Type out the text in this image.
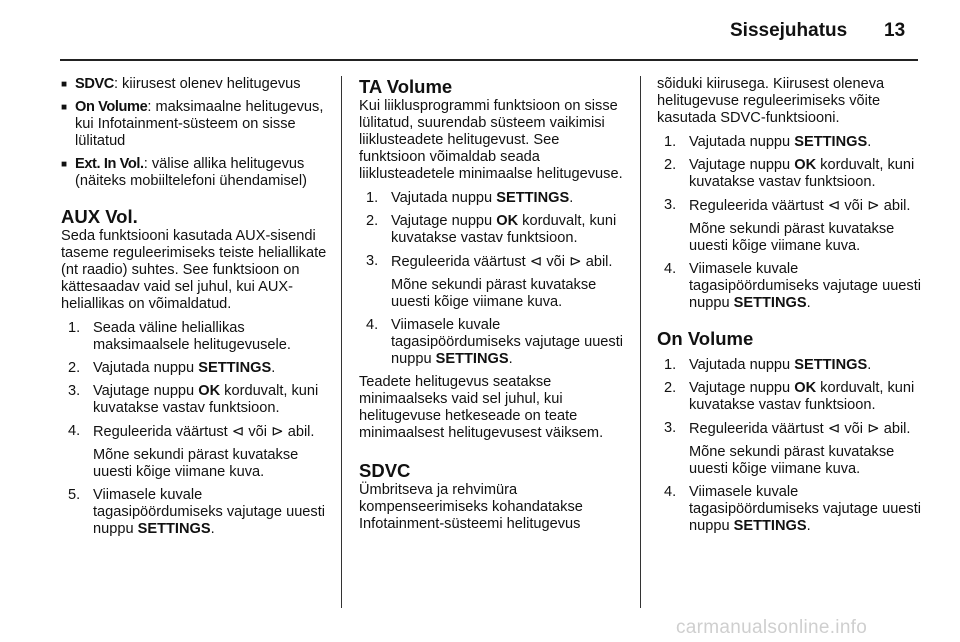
Sissejuhatus 13
■ SDVC: kiirusest olenev helitugevus
■ On Volume: maksimaalne helitugevus, kui Infotainment-süsteem on sisse lülitatud
■ Ext. In Vol.: välise allika helitugevus (näiteks mobiiltelefoni ühendamisel)
AUX Vol.

Seda funktsiooni kasutada AUX-sisendi taseme reguleerimiseks teiste heliallikate (nt raadio) suhtes. See funktsioon on kättesaadav vaid sel juhul, kui AUX-heliallikas on võimaldatud.

1. Seada väline heliallikas maksimaalsele helitugevusele.
2. Vajutada nuppu SETTINGS.
3. Vajutage nuppu OK korduvalt, kuni kuvatakse vastav funktsioon.
4. Reguleerida väärtust ⊲ või ⊳ abil.
Mõne sekundi pärast kuvatakse uuesti kõige viimane kuva.
5. Viimasele kuvale tagasipöördumiseks vajutage uuesti nuppu SETTINGS.
TA Volume

Kui liiklusprogrammi funktsioon on sisse lülitatud, suurendab süsteem vaikimisi liiklusteadete helitugevust. See funktsioon võimaldab seada liiklusteadetele minimaalse helitugevuse.

1. Vajutada nuppu SETTINGS.
2. Vajutage nuppu OK korduvalt, kuni kuvatakse vastav funktsioon.
3. Reguleerida väärtust ⊲ või ⊳ abil.
Mõne sekundi pärast kuvatakse uuesti kõige viimane kuva.
4. Viimasele kuvale tagasipöördumiseks vajutage uuesti nuppu SETTINGS.

Teadete helitugevus seatakse minimaalseks vaid sel juhul, kui helitugevuse hetkeseade on teate minimaalsest helitugevusest väiksem.

SDVC

Ümbritseva ja rehvimüra kompenseerimiseks kohandatakse Infotainment-süsteemi helitugevus

sõiduki kiirusega. Kiirusest oleneva helitugevuse reguleerimiseks võite kasutada SDVC-funktsiooni.

1. Vajutada nuppu SETTINGS.
2. Vajutage nuppu OK korduvalt, kuni kuvatakse vastav funktsioon.
3. Reguleerida väärtust ⊲ või ⊳ abil.
Mõne sekundi pärast kuvatakse uuesti kõige viimane kuva.
4. Viimasele kuvale tagasipöördumiseks vajutage uuesti nuppu SETTINGS.
On Volume
1. Vajutada nuppu SETTINGS.
2. Vajutage nuppu OK korduvalt, kuni kuvatakse vastav funktsioon.
3. Reguleerida väärtust ⊲ või ⊳ abil.
Mõne sekundi pärast kuvatakse uuesti kõige viimane kuva.
4. Viimasele kuvale tagasipöördumiseks vajutage uuesti nuppu SETTINGS.
carmanualsonline.info
